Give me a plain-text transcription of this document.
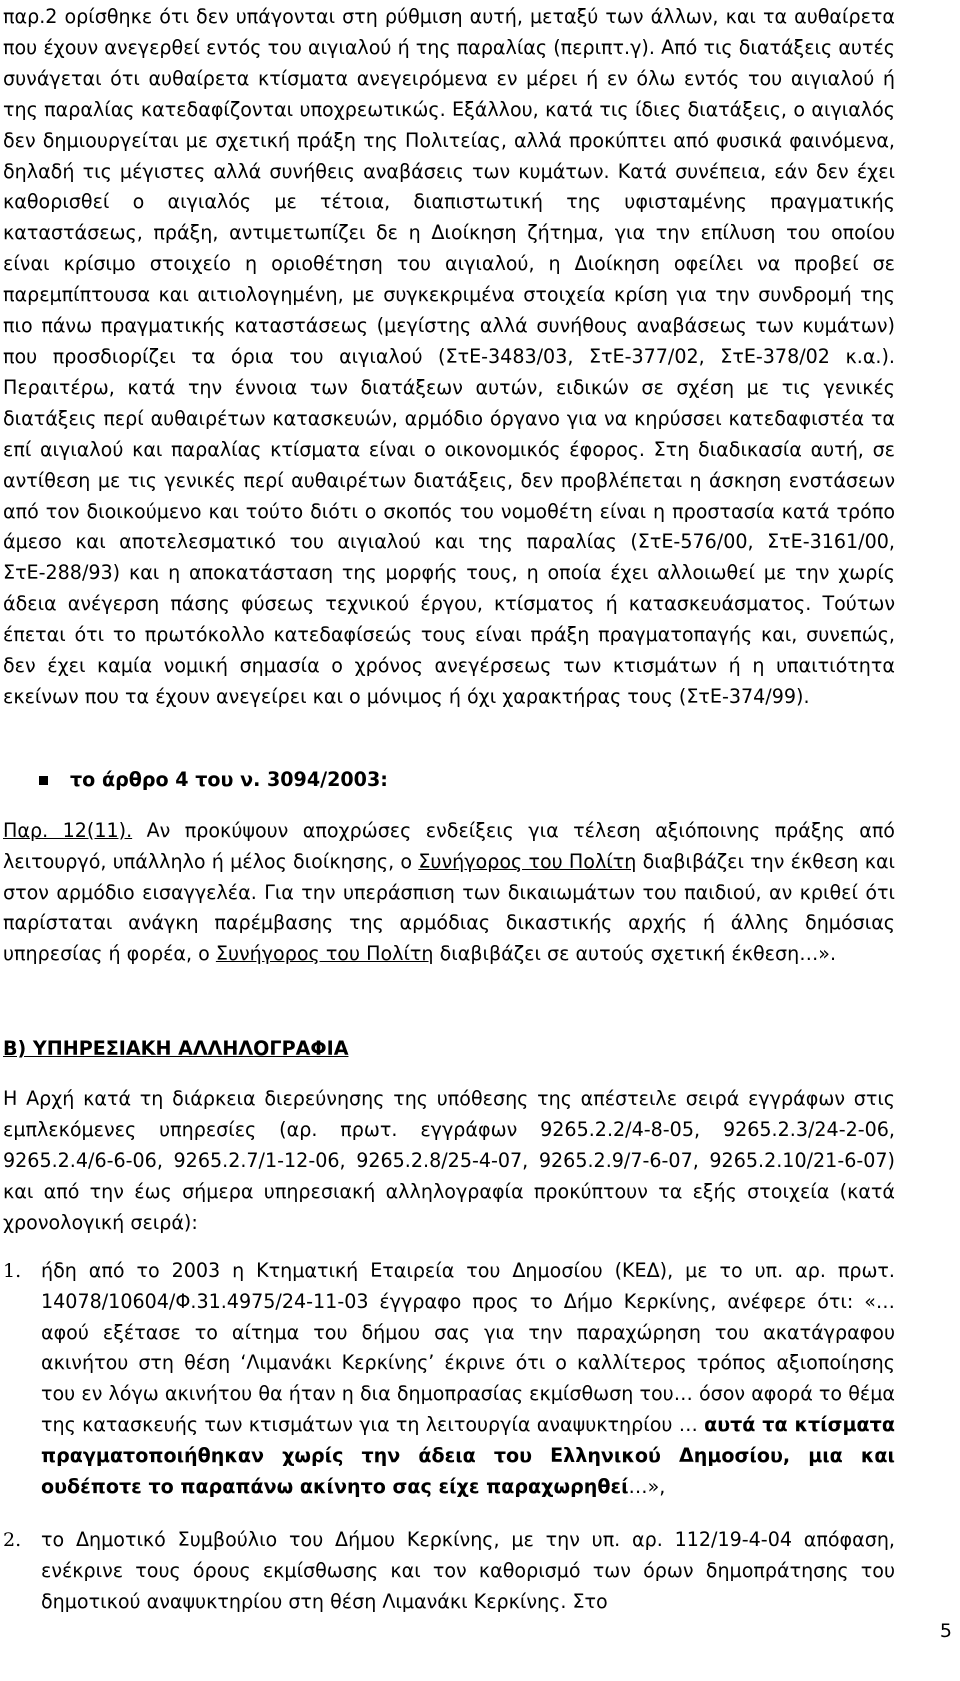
παρ.2 ορίσθηκε ότι δεν υπάγονται στη ρύθμιση αυτή, μεταξύ των άλλων, και τα αυθαίρετα που έχουν ανεγερθεί εντός του αιγιαλού ή της παραλίας (περιπτ.γ). Από τις διατάξεις αυτές συνάγεται ότι αυθαίρετα κτίσματα ανεγειρόμενα εν μέρει ή εν όλω εντός του αιγιαλού ή της παραλίας κατεδαφίζονται υποχρεωτικώς. Εξάλλου, κατά τις ίδιες διατάξεις, ο αιγιαλός δεν δημιουργείται με σχετική πράξη της Πολιτείας, αλλά προκύπτει από φυσικά φαινόμενα, δηλαδή τις μέγιστες αλλά συνήθεις αναβάσεις των κυμάτων. Κατά συνέπεια, εάν δεν έχει καθορισθεί ο αιγιαλός με τέτοια, διαπιστωτική της υφισταμένης πραγματικής καταστάσεως, πράξη, αντιμετωπίζει δε η Διοίκηση ζήτημα, για την επίλυση του οποίου είναι κρίσιμο στοιχείο η οριοθέτηση του αιγιαλού, η Διοίκηση οφείλει να προβεί σε παρεμπίπτουσα και αιτιολογημένη, με συγκεκριμένα στοιχεία κρίση για την συνδρομή της πιο πάνω πραγματικής καταστάσεως (μεγίστης αλλά συνήθους αναβάσεως των κυμάτων) που προσδιορίζει τα όρια του αιγιαλού (ΣτΕ-3483/03, ΣτΕ-377/02, ΣτΕ-378/02 κ.α.). Περαιτέρω, κατά την έννοια των διατάξεων αυτών, ειδικών σε σχέση με τις γενικές διατάξεις περί αυθαιρέτων κατασκευών, αρμόδιο όργανο για να κηρύσσει κατεδαφιστέα τα επί αιγιαλού και παραλίας κτίσματα είναι ο οικονομικός έφορος. Στη διαδικασία αυτή, σε αντίθεση με τις γενικές περί αυθαιρέτων διατάξεις, δεν προβλέπεται η άσκηση ενστάσεων από τον διοικούμενο και τούτο διότι ο σκοπός του νομοθέτη είναι η προστασία κατά τρόπο άμεσο και αποτελεσματικό του αιγιαλού και της παραλίας (ΣτΕ-576/00, ΣτΕ-3161/00, ΣτΕ-288/93) και η αποκατάσταση της μορφής τους, η οποία έχει αλλοιωθεί με την χωρίς άδεια ανέγερση πάσης φύσεως τεχνικού έργου, κτίσματος ή κατασκευάσματος. Τούτων έπεται ότι το πρωτόκολλο κατεδαφίσεώς τους είναι πράξη πραγματοπαγής και, συνεπώς, δεν έχει καμία νομική σημασία ο χρόνος ανεγέρσεως των κτισμάτων ή η υπαιτιότητα εκείνων που τα έχουν ανεγείρει και ο μόνιμος ή όχι χαρακτήρας τους (ΣτΕ-374/99).

το άρθρο 4 του ν. 3094/2003:

Παρ. 12(11). Αν προκύψουν αποχρώσες ενδείξεις για τέλεση αξιόποινης πράξης από λειτουργό, υπάλληλο ή μέλος διοίκησης, ο Συνήγορος του Πολίτη διαβιβάζει την έκθεση και στον αρμόδιο εισαγγελέα. Για την υπεράσπιση των δικαιωμάτων του παιδιού, αν κριθεί ότι παρίσταται ανάγκη παρέμβασης της αρμόδιας δικαστικής αρχής ή άλλης δημόσιας υπηρεσίας ή φορέα, ο Συνήγορος του Πολίτη διαβιβάζει σε αυτούς σχετική έκθεση…».

Β) ΥΠΗΡΕΣΙΑΚΗ ΑΛΛΗΛΟΓΡΑΦΙΑ

Η Αρχή κατά τη διάρκεια διερεύνησης της υπόθεσης της απέστειλε σειρά εγγράφων στις εμπλεκόμενες υπηρεσίες (αρ. πρωτ. εγγράφων 9265.2.2/4-8-05, 9265.2.3/24-2-06, 9265.2.4/6-6-06, 9265.2.7/1-12-06, 9265.2.8/25-4-07, 9265.2.9/7-6-07, 9265.2.10/21-6-07) και από την έως σήμερα υπηρεσιακή αλληλογραφία προκύπτουν τα εξής στοιχεία (κατά χρονολογική σειρά):

1.	ήδη από το 2003 η Κτηματική Εταιρεία του Δημοσίου (ΚΕΔ), με το υπ. αρ. πρωτ. 14078/10604/Φ.31.4975/24-11-03 έγγραφο προς το Δήμο Κερκίνης, ανέφερε ότι: «…αφού εξέτασε το αίτημα του δήμου σας για την παραχώρηση του ακατάγραφου ακινήτου στη θέση ‘Λιμανάκι Κερκίνης’ έκρινε ότι ο καλλίτερος τρόπος αξιοποίησης του εν λόγω ακινήτου θα ήταν η δια δημοπρασίας εκμίσθωση του… όσον αφορά το θέμα της κατασκευής των κτισμάτων για τη λειτουργία αναψυκτηρίου … αυτά τα κτίσματα πραγματοποιήθηκαν χωρίς την άδεια του Ελληνικού Δημοσίου, μια και ουδέποτε το παραπάνω ακίνητο σας είχε παραχωρηθεί…»,
2.	το Δημοτικό Συμβούλιο του Δήμου Κερκίνης, με την υπ. αρ. 112/19-4-04 απόφαση, ενέκρινε τους όρους εκμίσθωσης και τον καθορισμό των όρων δημοπράτησης του δημοτικού αναψυκτηρίου στη θέση Λιμανάκι Κερκίνης. Στο
5
